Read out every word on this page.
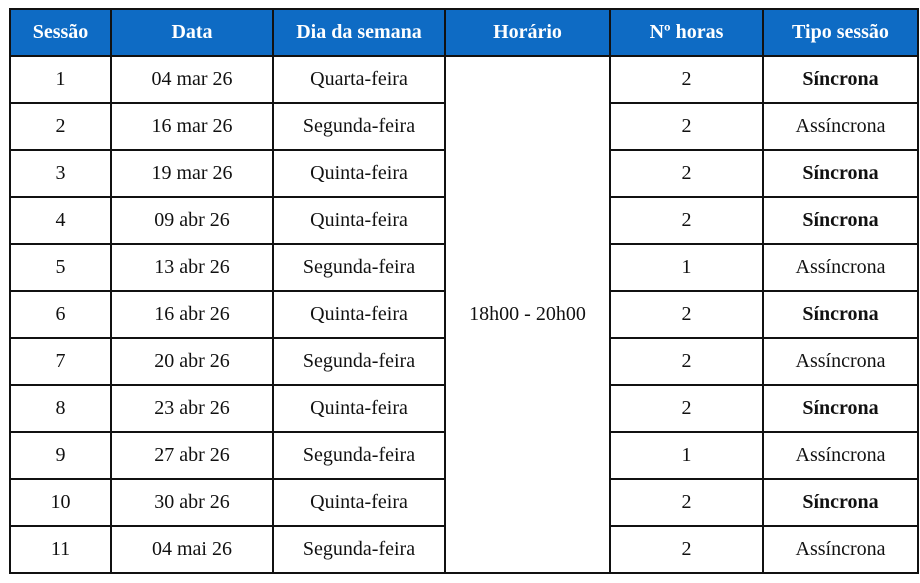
Sessão	Data	Dia da semana	Horário	Nº horas	Tipo sessão
1	04 mar 26	Quarta-feira	18h00 - 20h00	2	Síncrona
2	16 mar 26	Segunda-feira		2	Assíncrona
3	19 mar 26	Quinta-feira		2	Síncrona
4	09 abr 26	Quinta-feira		2	Síncrona
5	13 abr 26	Segunda-feira		1	Assíncrona
6	16 abr 26	Quinta-feira		2	Síncrona
7	20 abr 26	Segunda-feira		2	Assíncrona
8	23 abr 26	Quinta-feira		2	Síncrona
9	27 abr 26	Segunda-feira		1	Assíncrona
10	30 abr 26	Quinta-feira		2	Síncrona
11	04 mai 26	Segunda-feira		2	Assíncrona
